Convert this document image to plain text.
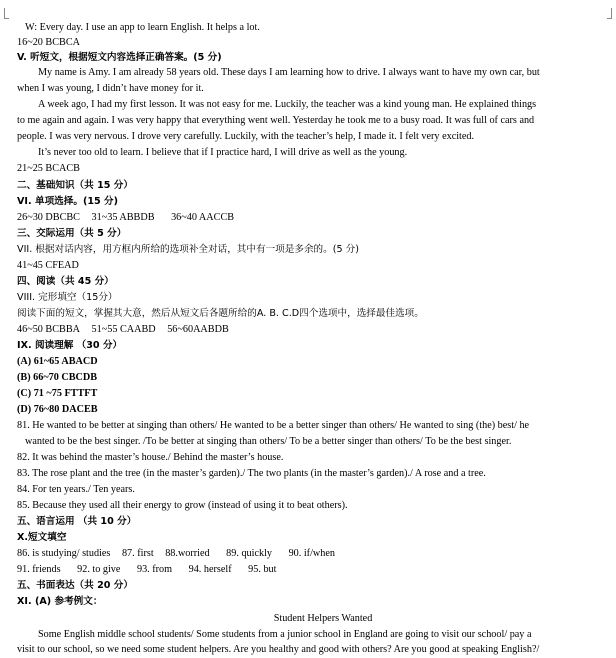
W: Every day. I use an app to learn English. It helps a lot.
16~20 BCBCA
V. 听短文，根据短文内容选择正确答案。(5 分)
My name is Amy. I am already 58 years old. These days I am learning how to drive. I always want to have my own car, but
when I was young, I didn’t have money for it.
A week ago, I had my first lesson. It was not easy for me. Luckily, the teacher was a kind young man. He explained things
to me again and again. I was very happy that everything went well. Yesterday he took me to a busy road. It was full of cars and
people. I was very nervous. I drove very carefully. Luckily, with the teacher’s help, I made it. I felt very excited.
It’s never too old to learn. I believe that if I practice hard, I will drive as well as the young.
21~25 BCACB
二、基础知识（共 15 分）
VI. 单项选择。(15 分)
26~30 DBCBC 31~35 ABBDB 36~40 AACCB
三、交际运用（共 5 分）
VII. 根据对话内容，用方框内所给的选项补全对话，其中有一项是多余的。(5 分)
41~45 CFEAD
四、阅读（共 45 分）
VIII. 完形填空（15分）
阅读下面的短文，掌握其大意，然后从短文后各题所给的A. B. C.D四个选项中，选择最佳选项。
46~50 BCBBA 51~55 CAABD 56~60AABDB
IX. 阅读理解 （30 分）
(A) 61~65 ABACD
(B) 66~70 CBCDB
(C) 71 ~75 FTTFT
(D) 76~80 DACEB
81. He wanted to be better at singing than others/ He wanted to be a better singer than others/ He wanted to sing (the) best/ he
wanted to be the best singer. /To be better at singing than others/ To be a better singer than others/ To be the best singer.
82. It was behind the master’s house./ Behind the master’s house.
83. The rose plant and the tree (in the master’s garden)./ The two plants (in the master’s garden)./ A rose and a tree.
84. For ten years./ Ten years.
85. Because they used all their energy to grow (instead of using it to beat others).
五、语言运用 （共 10 分）
X.短文填空
86. is studying/ studies 87. first 88.worried 89. quickly 90. if/when
91. friends 92. to give 93. from 94. herself 95. but
五、书面表达（共 20 分）
XI. (A) 参考例文：
Student Helpers Wanted
Some English middle school students/ Some students from a junior school in England are going to visit our school/ pay a
visit to our school, so we need some student helpers. Are you healthy and good with others? Are you good at speaking English?/
